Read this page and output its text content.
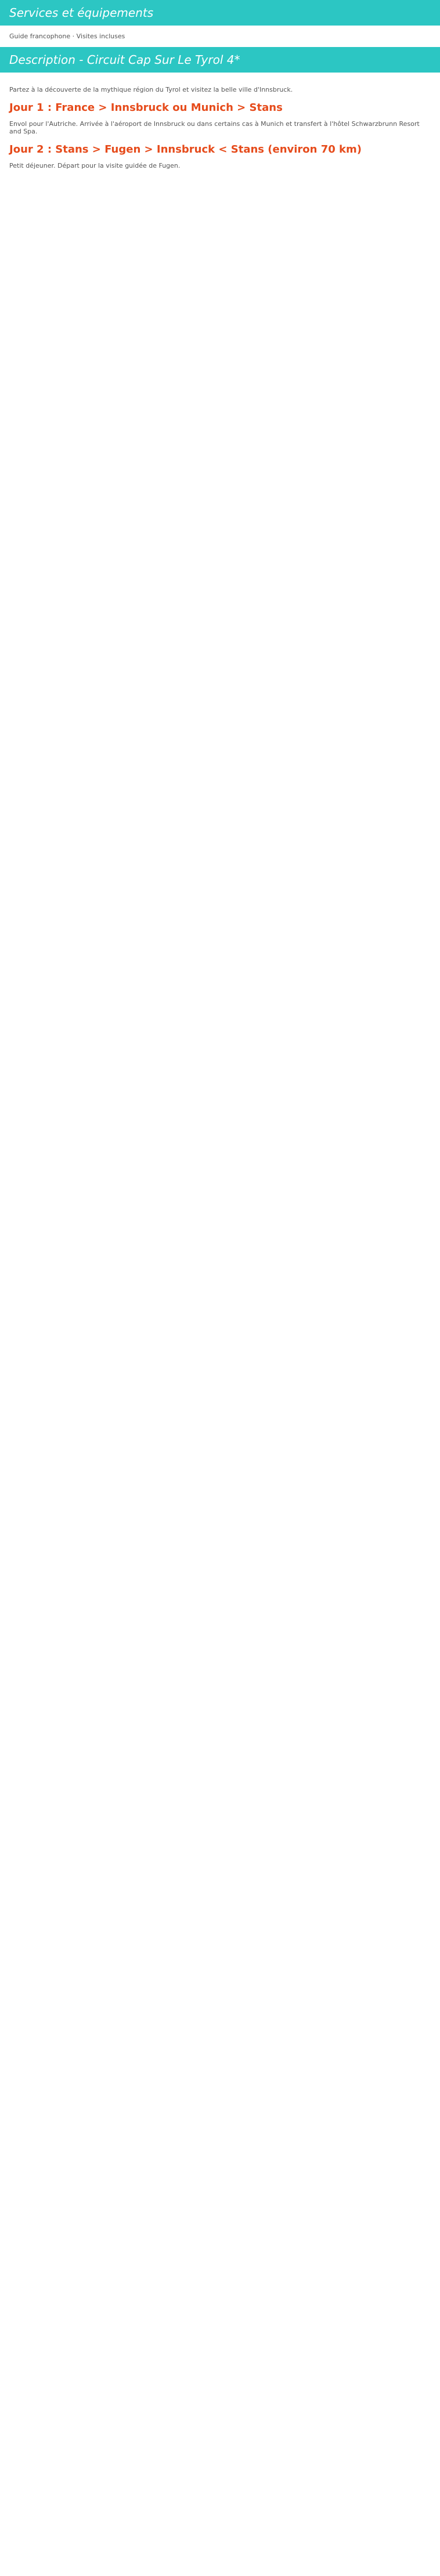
Services et équipements
Guide francophone · Visites incluses
Description - Circuit Cap Sur Le Tyrol 4*

Partez à la découverte de la mythique région du Tyrol et visitez la belle ville d'Innsbruck.

Jour 1 : France > Innsbruck ou Munich > Stans

Envol pour l'Autriche. Arrivée à l'aéroport de Innsbruck ou dans certains cas à Munich et transfert à l'hôtel Schwarzbrunn Resort and Spa.

Jour 2 : Stans > Fugen > Innsbruck < Stans (environ 70 km)

Petit déjeuner. Départ pour la visite guidée de Fugen.
